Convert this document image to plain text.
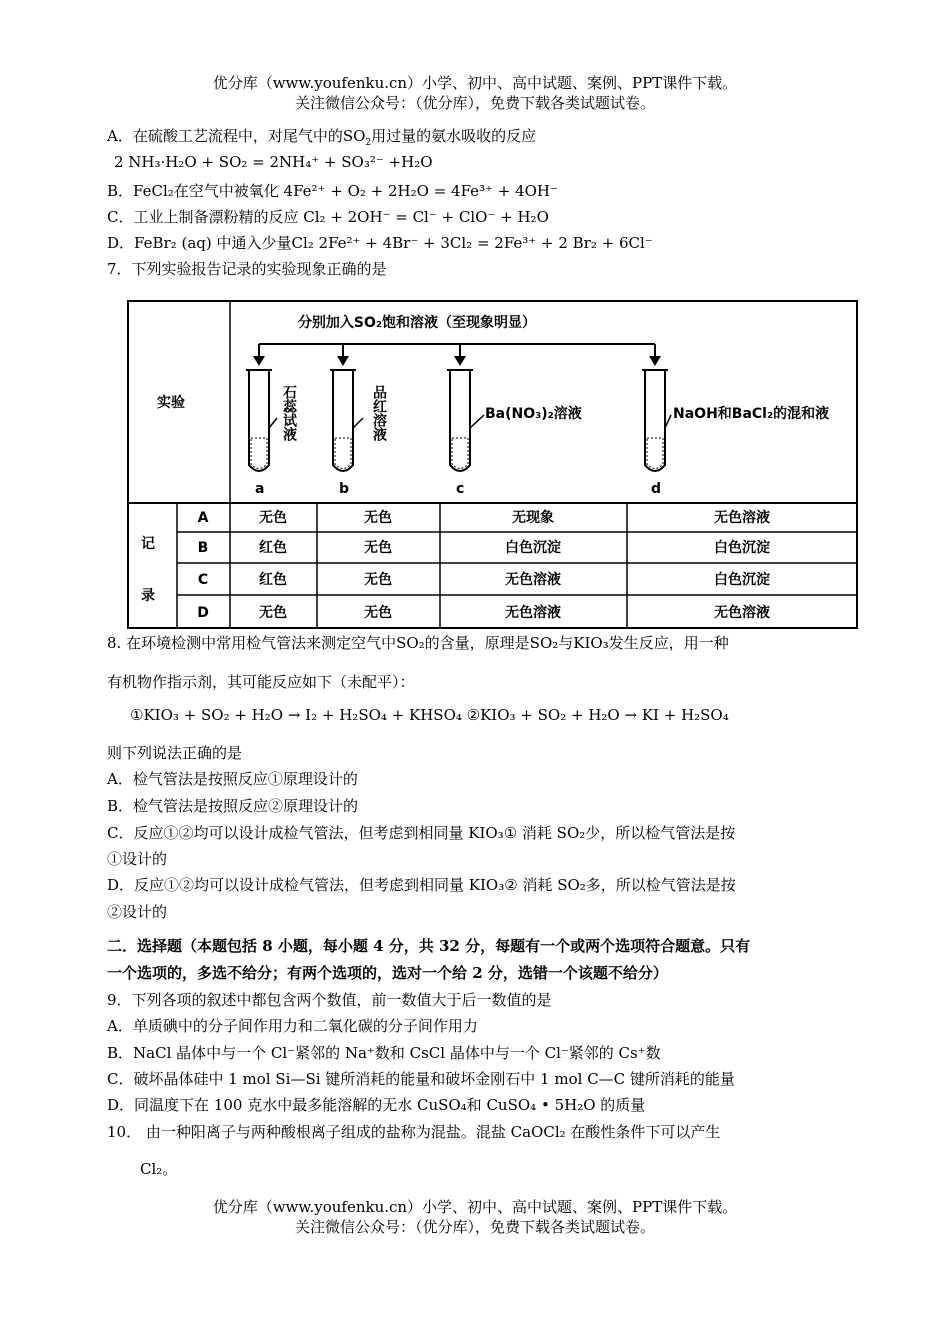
优分库（www.youfenku.cn）小学、初中、高中试题、案例、PPT课件下载。
关注微信公众号：（优分库），免费下载各类试题试卷。
A．在硫酸工艺流程中，对尾气中的$SO_2$用过量的氨水吸收的反应
2 NH₃·H₂O + SO₂ = 2NH₄⁺ + SO₃²⁻ +H₂O
B．FeCl₂在空气中被氧化 4Fe²⁺ + O₂ + 2H₂O = 4Fe³⁺ + 4OH⁻
C．工业上制备漂粉精的反应 Cl₂ + 2OH⁻ = Cl⁻ + ClO⁻ + H₂O
D．FeBr₂ (aq) 中通入少量Cl₂ 2Fe²⁺ + 4Br⁻ + 3Cl₂ = 2Fe³⁺ + 2 Br₂ + 6Cl⁻
7．下列实验报告记录的实验现象正确的是
分别加入SO₂饱和溶液（至现象明显）
石蕊试液	品红溶液	Ba(NO₃)₂溶液	NaOH和BaCl₂的混和液
a	b	c	d
实验
记
录
A	无色	无色	无现象	无色溶液
B	红色	无色	白色沉淀	白色沉淀
C	红色	无色	无色溶液	白色沉淀
D	无色	无色	无色溶液	无色溶液
8. 在环境检测中常用检气管法来测定空气中SO₂的含量，原理是SO₂与KIO₃发生反应，用一种
有机物作指示剂，其可能反应如下（未配平）：
①KIO₃ + SO₂ + H₂O → I₂ + H₂SO₄ + KHSO₄ ②KIO₃ + SO₂ + H₂O → KI + H₂SO₄
则下列说法正确的是
A．检气管法是按照反应①原理设计的
B．检气管法是按照反应②原理设计的
C．反应①②均可以设计成检气管法，但考虑到相同量 KIO₃① 消耗 SO₂少，所以检气管法是按
①设计的
D．反应①②均可以设计成检气管法，但考虑到相同量 KIO₃② 消耗 SO₂多，所以检气管法是按
②设计的
二．选择题（本题包括 8 小题，每小题 4 分，共 32 分，每题有一个或两个选项符合题意。只有
一个选项的，多选不给分；有两个选项的，选对一个给 2 分，选错一个该题不给分）
9．下列各项的叙述中都包含两个数值，前一数值大于后一数值的是
A．单质碘中的分子间作用力和二氧化碳的分子间作用力
B．NaCl 晶体中与一个 Cl⁻紧邻的 Na⁺数和 CsCl 晶体中与一个 Cl⁻紧邻的 Cs⁺数
C．破坏晶体硅中 1 mol Si—Si 键所消耗的能量和破坏金刚石中 1 mol C—C 键所消耗的能量
D．同温度下在 100 克水中最多能溶解的无水 CuSO₄和 CuSO₄ • 5H₂O 的质量
10． 由一种阳离子与两种酸根离子组成的盐称为混盐。混盐 CaOCl₂ 在酸性条件下可以产生
Cl₂。
优分库（www.youfenku.cn）小学、初中、高中试题、案例、PPT课件下载。
关注微信公众号：（优分库），免费下载各类试题试卷。
